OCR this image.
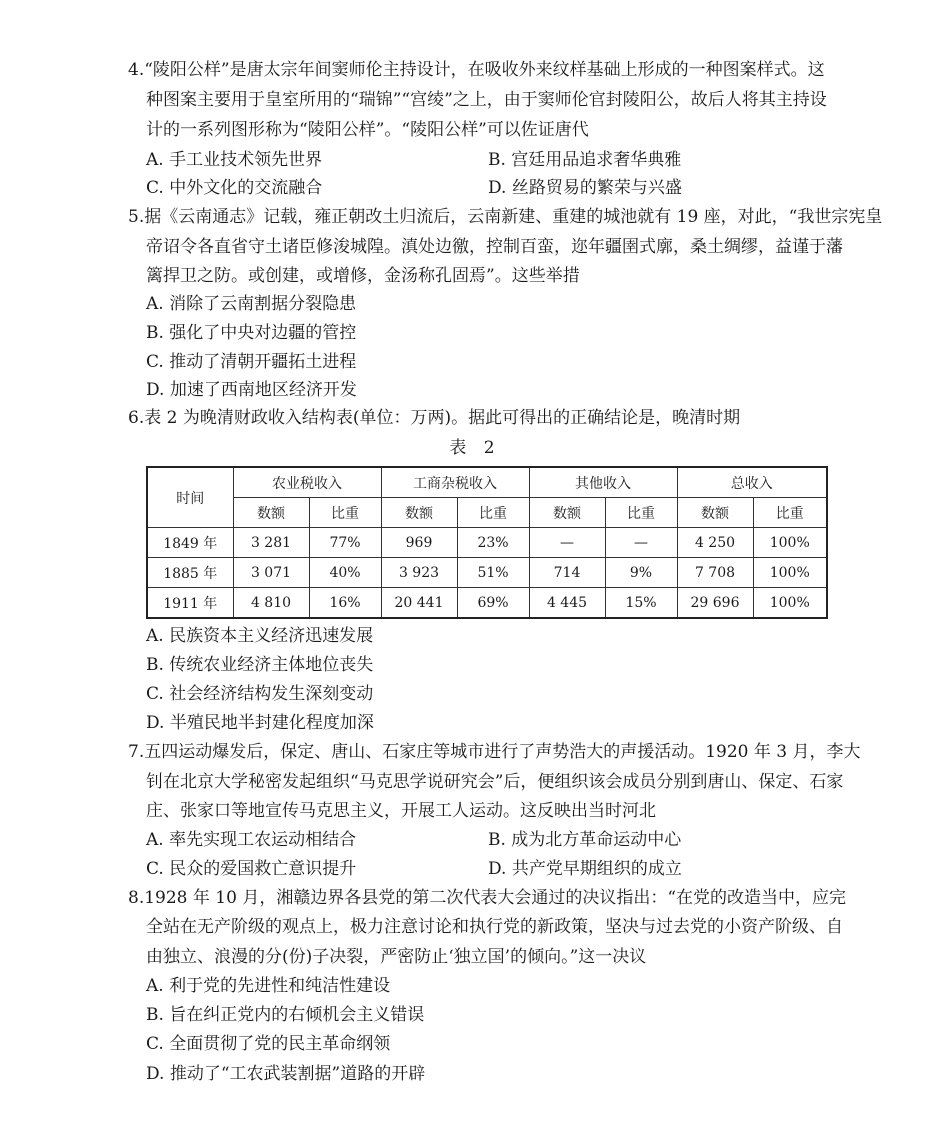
4.“陵阳公样”是唐太宗年间窦师伦主持设计，在吸收外来纹样基础上形成的一种图案样式。这
种图案主要用于皇室所用的“瑞锦”“宫绫”之上，由于窦师伦官封陵阳公，故后人将其主持设
计的一系列图形称为“陵阳公样”。“陵阳公样”可以佐证唐代
A. 手工业技术领先世界	B. 宫廷用品追求奢华典雅
C. 中外文化的交流融合	D. 丝路贸易的繁荣与兴盛
5.据《云南通志》记载，雍正朝改土归流后，云南新建、重建的城池就有 19 座，对此，“我世宗宪皇
帝诏令各直省守土诸臣修浚城隍。滇处边徼，控制百蛮，迩年疆圉式廓，桑土绸缪，益谨于藩
篱捍卫之防。或创建，或增修，金汤称孔固焉”。这些举措
A. 消除了云南割据分裂隐患
B. 强化了中央对边疆的管控
C. 推动了清朝开疆拓土进程
D. 加速了西南地区经济开发
6.表 2 为晚清财政收入结构表(单位：万两)。据此可得出的正确结论是，晚清时期
表 2
时间	农业税收入		工商杂税收入		其他收入		总收入	
	数额	比重	数额	比重	数额	比重	数额	比重
1849 年	3 281	77%	969	23%	—	—	4 250	100%
1885 年	3 071	40%	3 923	51%	714	9%	7 708	100%
1911 年	4 810	16%	20 441	69%	4 445	15%	29 696	100%
A. 民族资本主义经济迅速发展
B. 传统农业经济主体地位丧失
C. 社会经济结构发生深刻变动
D. 半殖民地半封建化程度加深
7.五四运动爆发后，保定、唐山、石家庄等城市进行了声势浩大的声援活动。1920 年 3 月，李大
钊在北京大学秘密发起组织“马克思学说研究会”后，便组织该会成员分别到唐山、保定、石家
庄、张家口等地宣传马克思主义，开展工人运动。这反映出当时河北
A. 率先实现工农运动相结合	B. 成为北方革命运动中心
C. 民众的爱国救亡意识提升	D. 共产党早期组织的成立
8.1928 年 10 月，湘赣边界各县党的第二次代表大会通过的决议指出：“在党的改造当中，应完
全站在无产阶级的观点上，极力注意讨论和执行党的新政策，坚决与过去党的小资产阶级、自
由独立、浪漫的分(份)子决裂，严密防止‘独立国’的倾向。”这一决议
A. 利于党的先进性和纯洁性建设
B. 旨在纠正党内的右倾机会主义错误
C. 全面贯彻了党的民主革命纲领
D. 推动了“工农武装割据”道路的开辟
